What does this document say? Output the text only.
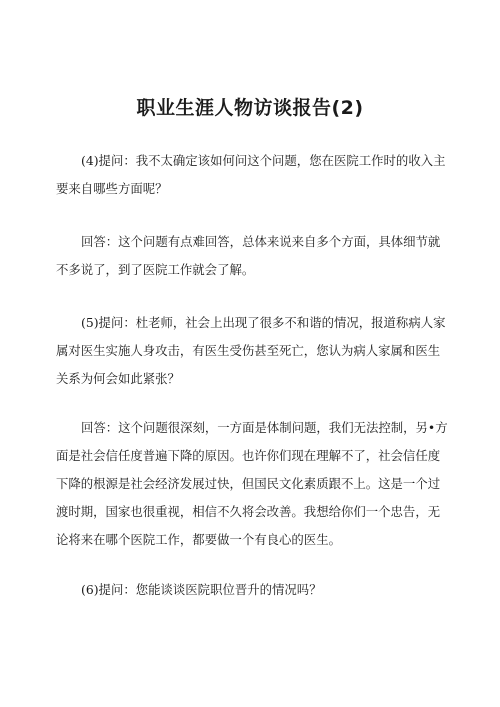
职业生涯人物访谈报告(2)

(4)提问：我不太确定该如何问这个问题，您在医院工作时的收入主要来自哪些方面呢？

回答：这个问题有点难回答，总体来说来自多个方面，具体细节就不多说了，到了医院工作就会了解。

(5)提问：杜老师，社会上出现了很多不和谐的情况，报道称病人家属对医生实施人身攻击，有医生受伤甚至死亡，您认为病人家属和医生关系为何会如此紧张？

回答：这个问题很深刻，一方面是体制问题，我们无法控制，另•方面是社会信任度普遍下降的原因。也许你们现在理解不了，社会信任度下降的根源是社会经济发展过快，但国民文化素质跟不上。这是一个过渡时期，国家也很重视，相信不久将会改善。我想给你们一个忠告，无论将来在哪个医院工作，都要做一个有良心的医生。

(6)提问：您能谈谈医院职位晋升的情况吗？
